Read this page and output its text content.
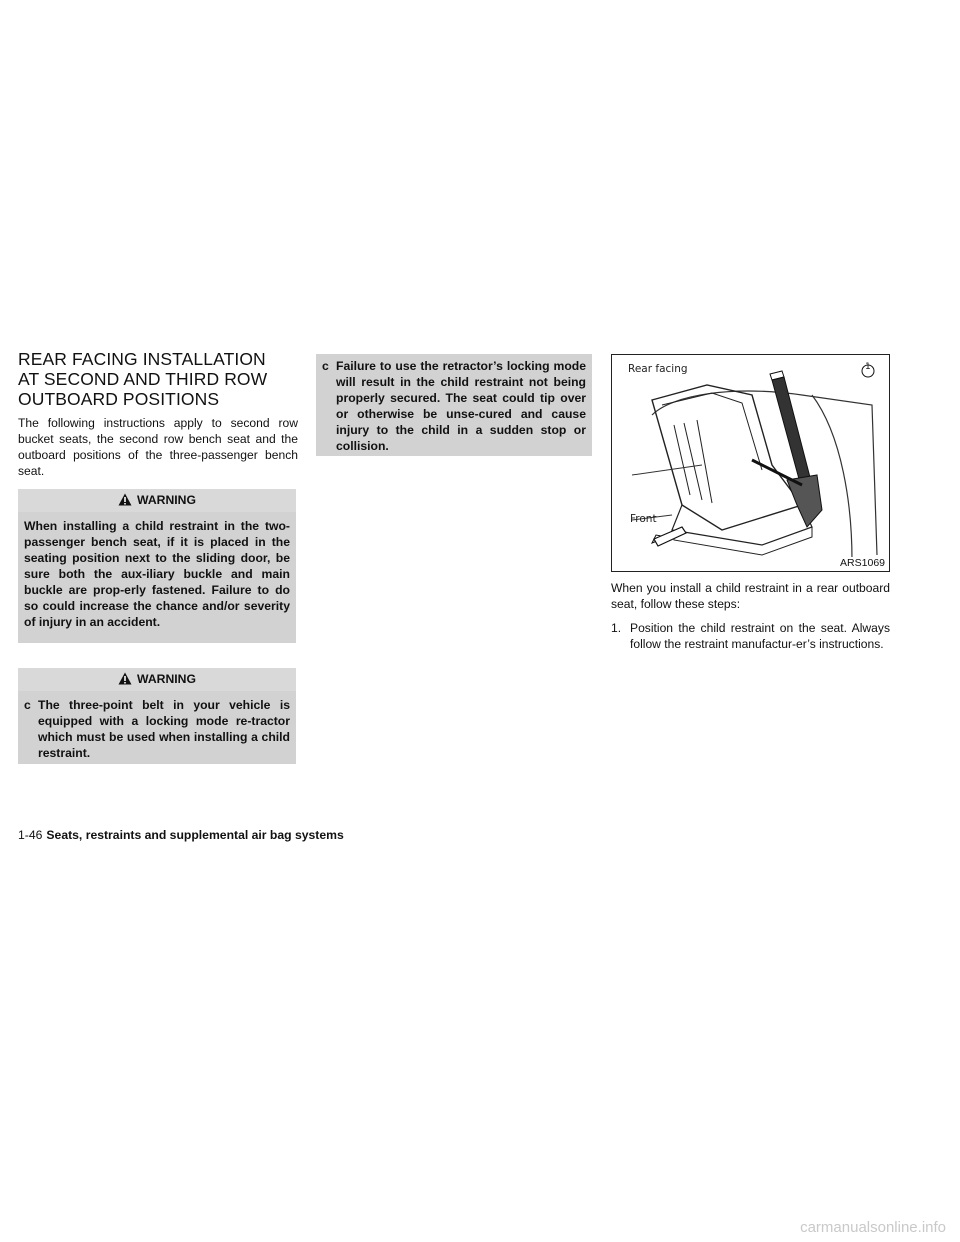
REAR FACING INSTALLATION
AT SECOND AND THIRD ROW
OUTBOARD POSITIONS

The following instructions apply to second row bucket seats, the second row bench seat and the outboard positions of the three-passenger bench seat.

WARNING
When installing a child restraint in the two-passenger bench seat, if it is placed in the seating position next to the sliding door, be sure both the aux-iliary buckle and main buckle are prop-erly fastened. Failure to do so could increase the chance and/or severity of injury in an accident.
WARNING
c The three-point belt in your vehicle is equipped with a locking mode re-tractor which must be used when installing a child restraint.
c Failure to use the retractor’s locking mode will result in the child restraint not being properly secured. The seat could tip over or otherwise be unse-cured and cause injury to the child in a sudden stop or collision.
Rear facing
Front
1
ARS1069

When you install a child restraint in a rear outboard seat, follow these steps:

1. Position the child restraint on the seat. Always follow the restraint manufactur-er’s instructions.
1-46 Seats, restraints and supplemental air bag systems
carmanualsonline.info
